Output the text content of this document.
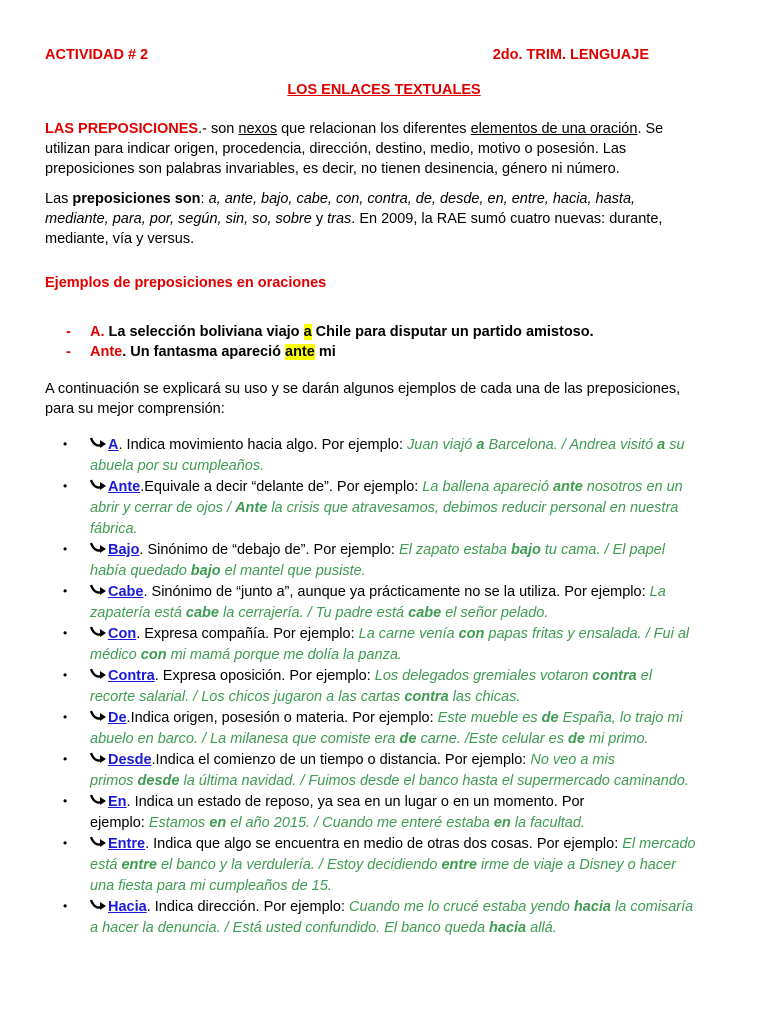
ACTIVIDAD # 2	2do. TRIM. LENGUAJE
LOS ENLACES TEXTUALES
LAS PREPOSICIONES.- son nexos que relacionan los diferentes elementos de una oración. Se
utilizan para indicar origen, procedencia, dirección, destino, medio, motivo o posesión. Las
preposiciones son palabras invariables, es decir, no tienen desinencia, género ni número.
Las preposiciones son: a, ante, bajo, cabe, con, contra, de, desde, en, entre, hacia, hasta,
mediante, para, por, según, sin, so, sobre y tras. En 2009, la RAE sumó cuatro nuevas: durante,
mediante, vía y versus.
Ejemplos de preposiciones en oraciones
- A. La selección boliviana viajo a Chile para disputar un partido amistoso.
- Ante. Un fantasma apareció ante mi
A continuación se explicará su uso y se darán algunos ejemplos de cada una de las preposiciones,
para su mejor comprensión:
•	A. Indica movimiento hacia algo. Por ejemplo: Juan viajó a Barcelona. / Andrea visitó a su
abuela por su cumpleaños.
•	Ante.Equivale a decir “delante de”. Por ejemplo: La ballena apareció ante nosotros en un
abrir y cerrar de ojos / Ante la crisis que atravesamos, debimos reducir personal en nuestra
fábrica.
•	Bajo. Sinónimo de “debajo de”. Por ejemplo: El zapato estaba bajo tu cama. / El papel
había quedado bajo el mantel que pusiste.
•	Cabe. Sinónimo de “junto a”, aunque ya prácticamente no se la utiliza. Por ejemplo: La
zapatería está cabe la cerrajería. / Tu padre está cabe el señor pelado.
•	Con. Expresa compañía. Por ejemplo: La carne venía con papas fritas y ensalada. / Fui al
médico con mi mamá porque me dolía la panza.
•	Contra. Expresa oposición. Por ejemplo: Los delegados gremiales votaron contra el
recorte salarial. / Los chicos jugaron a las cartas contra las chicas.
•	De.Indica origen, posesión o materia. Por ejemplo: Este mueble es de España, lo trajo mi
abuelo en barco. / La milanesa que comiste era de carne. /Este celular es de mi primo.
•	Desde.Indica el comienzo de un tiempo o distancia. Por ejemplo: No veo a mis
primos desde la última navidad. / Fuimos desde el banco hasta el supermercado caminando.
•	En. Indica un estado de reposo, ya sea en un lugar o en un momento. Por
ejemplo: Estamos en el año 2015. / Cuando me enteré estaba en la facultad.
•	Entre. Indica que algo se encuentra en medio de otras dos cosas. Por ejemplo: El mercado
está entre el banco y la verdulería. / Estoy decidiendo entre irme de viaje a Disney o hacer
una fiesta para mi cumpleaños de 15.
•	Hacia. Indica dirección. Por ejemplo: Cuando me lo crucé estaba yendo hacia la comisaría
a hacer la denuncia. / Está usted confundido. El banco queda hacia allá.
